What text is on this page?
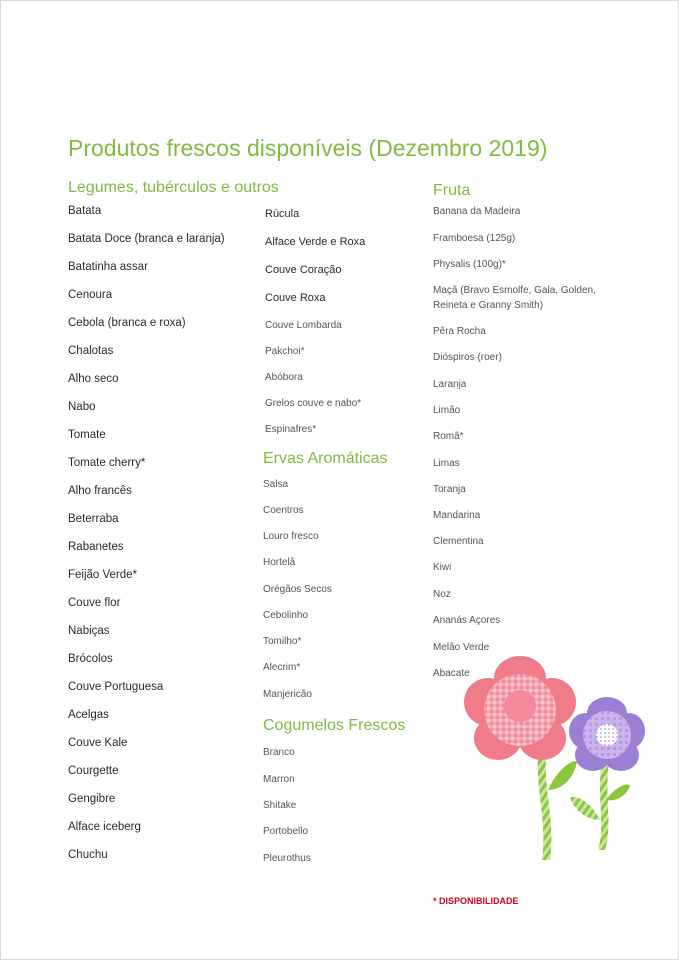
Produtos frescos disponíveis (Dezembro 2019)
Legumes, tubérculos e outros
Batata
Batata Doce (branca e laranja)
Batatinha assar
Cenoura
Cebola (branca e roxa)
Chalotas
Alho seco
Nabo
Tomate
Tomate cherry*
Alho francês
Beterraba
Rabanetes
Feijão Verde*
Couve flor
Nabiças
Brócolos
Couve Portuguesa
Acelgas
Couve Kale
Courgette
Gengibre
Alface iceberg
Chuchu
Rúcula
Alface Verde e Roxa
Couve Coração
Couve Roxa
Couve Lombarda
Pakchoi*
Abóbora
Grelos couve e nabo*
Espinafres*
Ervas Aromáticas
Salsa
Coentros
Louro fresco
Hortelã
Orégãos Secos
Cebolinho
Tomilho*
Alecrim*
Manjericão
Cogumelos Frescos
Branco
Marron
Shitake
Portobello
Pleurothus
Fruta
Banana da Madeira
Framboesa (125g)
Physalis (100g)*
Maçã (Bravo Esmolfe, Gala, Golden,
Reineta e Granny Smith)
Pêra Rocha
Dióspiros (roer)
Laranja
Limão
Romã*
Limas
Toranja
Mandarina
Clementina
Kiwi
Noz
Ananás Açores
Melão Verde
Abacate
* DISPONIBILIDADE
